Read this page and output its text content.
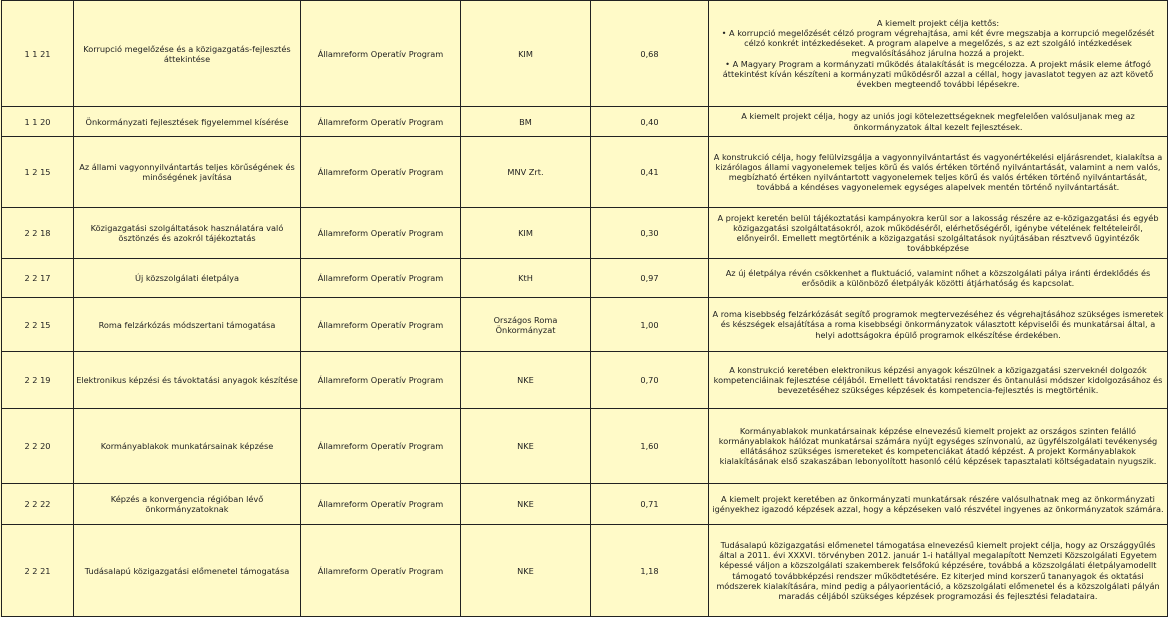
1 1 21	Korrupció megelőzése és a közigazgatás-fejlesztés áttekintése	Államreform Operatív Program	KIM	0,68	A kiemelt projekt célja kettős:
• A korrupció megelőzését célzó program végrehajtása, ami két évre megszabja a korrupció megelőzését célzó konkrét intézkedéseket. A program alapelve a megelőzés, s az ezt szolgáló intézkedések megvalósításához járulna hozzá a projekt.
• A Magyary Program a kormányzati működés átalakítását is megcélozza. A projekt másik eleme átfogó áttekintést kíván készíteni a kormányzati működésről azzal a céllal, hogy javaslatot tegyen az azt követő években megteendő további lépésekre.

1 1 20	Önkormányzati fejlesztések figyelemmel kísérése	Államreform Operatív Program	BM	0,40	A kiemelt projekt célja, hogy az uniós jogi kötelezettségeknek megfelelően valósuljanak meg az önkormányzatok által kezelt fejlesztések.

1 2 15	Az állami vagyonnyilvántartás teljes körűségének és minőségének javítása	Államreform Operatív Program	MNV Zrt.	0,41	A konstrukció célja, hogy felülvizsgálja a vagyonnyilvántartást és vagyonértékelési eljárásrendet, kialakítsa a kizárólagos állami vagyonelemek teljes körű és valós értéken történő nyilvántartását, valamint a nem valós, megbízható értéken nyilvántartott vagyonelemek teljes körű és valós értéken történő nyilvántartását, továbbá a kéndéses vagyonelemek egységes alapelvek mentén történő nyilvántartását.

2 2 18	Közigazgatási szolgáltatások használatára való ösztönzés és azokról tájékoztatás	Államreform Operatív Program	KIM	0,30	A projekt keretén belül tájékoztatási kampányokra kerül sor a lakosság részére az e-közigazgatási és egyéb közigazgatási szolgáltatásokról, azok működéséről, elérhetőségéről, igénybe vételének feltételeiről, előnyeiről. Emellett megtörténik a közigazgatási szolgáltatások nyújtásában résztvevő ügyintézők továbbképzése

2 2 17	Új közszolgálati életpálya	Államreform Operatív Program	KtH	0,97	Az új életpálya révén csökkenhet a fluktuáció, valamint nőhet a közszolgálati pálya iránti érdeklődés és erősödik a különböző életpályák közötti átjárhatóság és kapcsolat.

2 2 15	Roma felzárkózás módszertani támogatása	Államreform Operatív Program	Országos Roma Önkormányzat	1,00	A roma kisebbség felzárkózását segítő programok megtervezéséhez és végrehajtásához szükséges ismeretek és készségek elsajátítása a roma kisebbségi önkormányzatok választott képviselői és munkatársai által, a helyi adottságokra épülő programok elkészítése érdekében.

2 2 19	Elektronikus képzési és távoktatási anyagok készítése	Államreform Operatív Program	NKE	0,70	A konstrukció keretében elektronikus képzési anyagok készülnek a közigazgatási szerveknél dolgozók kompetenciáinak fejlesztése céljából. Emellett távoktatási rendszer és öntanulási módszer kidolgozásához és bevezetéséhez szükséges képzések és kompetencia-fejlesztés is megtörténik.

2 2 20	Kormányablakok munkatársainak képzése	Államreform Operatív Program	NKE	1,60	Kormányablakok munkatársainak képzése elnevezésű kiemelt projekt az országos szinten felálló kormányablakok hálózat munkatársai számára nyújt egységes színvonalú, az ügyfélszolgálati tevékenység ellátásához szükséges ismereteket és kompetenciákat átadó képzést. A projekt Kormányablakok kialakításának első szakaszában lebonyolított hasonló célú képzések tapasztalati költségadatain nyugszik.

2 2 22	Képzés a konvergencia régióban lévő önkormányzatoknak	Államreform Operatív Program	NKE	0,71	A kiemelt projekt keretében az önkormányzati munkatársak részére valósulhatnak meg az önkormányzati igényekhez igazodó képzések azzal, hogy a képzéseken való részvétel ingyenes az önkormányzatok számára.

2 2 21	Tudásalapú közigazgatási előmenetel támogatása	Államreform Operatív Program	NKE	1,18	Tudásalapú közigazgatási előmenetel támogatása elnevezésű kiemelt projekt célja, hogy az Országgyűlés által a 2011. évi XXXVI. törvényben 2012. január 1-i hatállyal megalapított Nemzeti Közszolgálati Egyetem képessé váljon a közszolgálati szakemberek felsőfokú képzésére, továbbá a közszolgálati életpályamodellt támogató továbbképzési rendszer működtetésére. Ez kiterjed mind korszerű tananyagok és oktatási módszerek kialakítására, mind pedig a pályaorientáció, a közszolgálati előmenetel és a közszolgálati pályán maradás céljából szükséges képzések programozási és fejlesztési feladataira.
